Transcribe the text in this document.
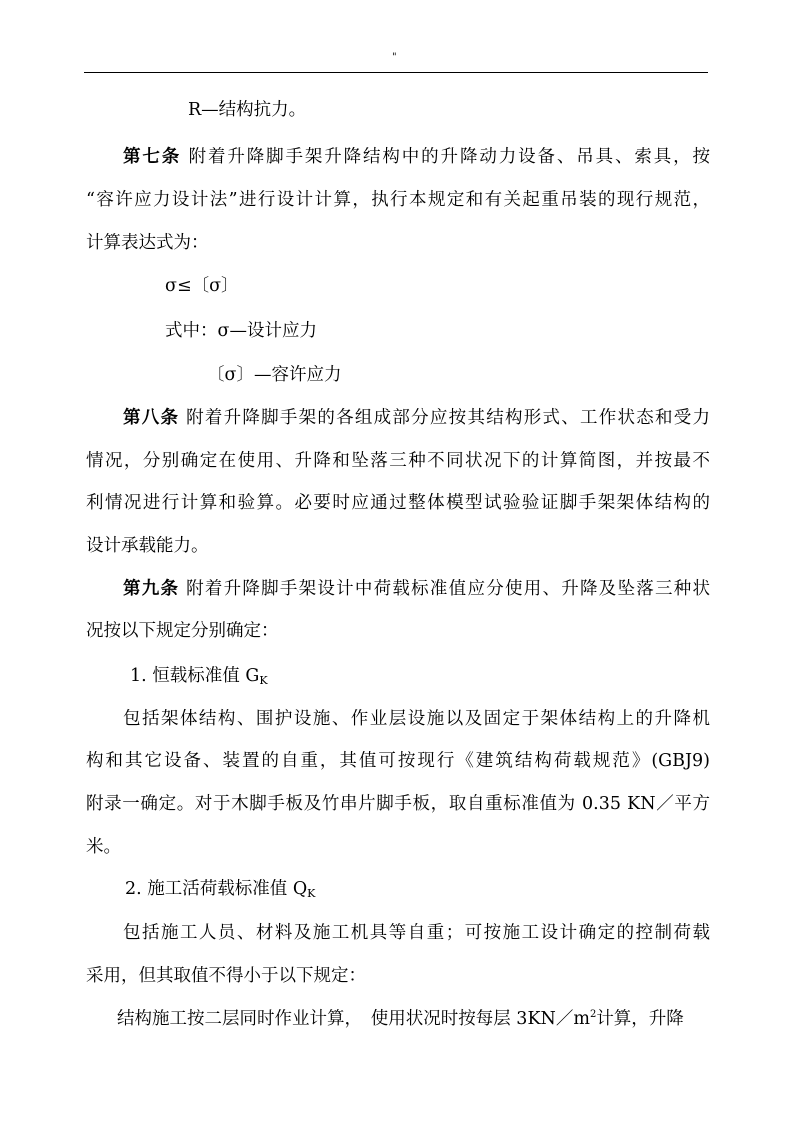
"

R—结构抗力。

第七条 附着升降脚手架升降结构中的升降动力设备、吊具、索具，按

“容许应力设计法”进行设计计算，执行本规定和有关起重吊装的现行规范，

计算表达式为：

σ≤〔σ〕

式中：σ—设计应力

〔σ〕—容许应力

第八条 附着升降脚手架的各组成部分应按其结构形式、工作状态和受力

情况，分别确定在使用、升降和坠落三种不同状况下的计算简图，并按最不

利情况进行计算和验算。必要时应通过整体模型试验验证脚手架架体结构的

设计承载能力。

第九条 附着升降脚手架设计中荷载标准值应分使用、升降及坠落三种状

况按以下规定分别确定：

1. 恒载标准值 $G_K$

包括架体结构、围护设施、作业层设施以及固定于架体结构上的升降机

构和其它设备、装置的自重，其值可按现行《建筑结构荷载规范》(GBJ9)

附录一确定。对于木脚手板及竹串片脚手板，取自重标准值为 0.35 KN／平方

米。

2. 施工活荷载标准值 $Q_K$

包括施工人员、材料及施工机具等自重；可按施工设计确定的控制荷载

采用，但其取值不得小于以下规定：

结构施工按二层同时作业计算，　使用状况时按每层 $3KN/m^2$计算，升降
